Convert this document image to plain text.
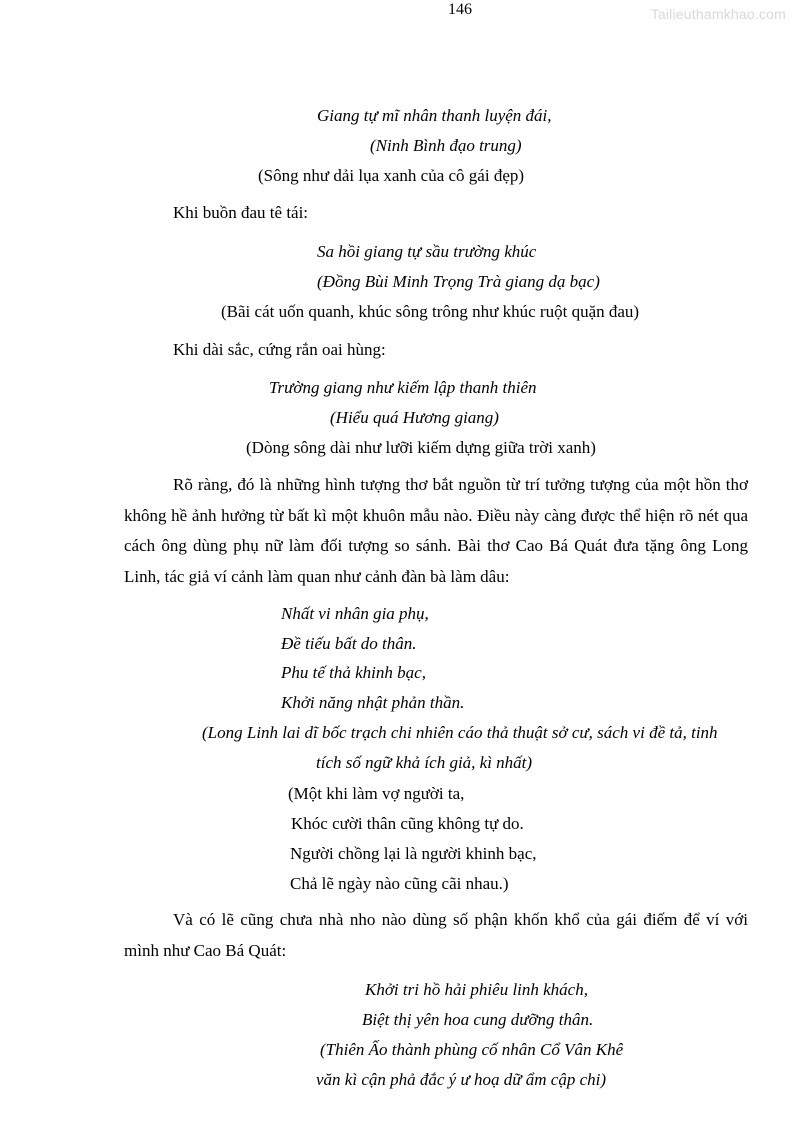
146	Tailieuthamkhao.com
Giang tự mĩ nhân thanh luyện đái,
(Ninh Bình đạo trung)
(Sông như dải lụa xanh của cô gái đẹp)
Khi buồn đau tê tái:
Sa hồi giang tự sầu trường khúc
(Đồng Bùi Minh Trọng Trà giang dạ bạc)
(Bãi cát uốn quanh, khúc sông trông như khúc ruột quặn đau)
Khi dài sắc, cứng rắn oai hùng:
Trường giang như kiếm lập thanh thiên
(Hiểu quá Hương giang)
(Dòng sông dài như lưỡi kiếm dựng giữa trời xanh)

Rõ ràng, đó là những hình tượng thơ bắt nguồn từ trí tưởng tượng của một hồn thơ không hề ảnh hưởng từ bất kì một khuôn mẫu nào. Điều này càng được thể hiện rõ nét qua cách ông dùng phụ nữ làm đối tượng so sánh. Bài thơ Cao Bá Quát đưa tặng ông Long Linh, tác giả ví cảnh làm quan như cảnh đàn bà làm dâu:

Nhất vi nhân gia phụ,
Đề tiếu bất do thân.
Phu tế thả khinh bạc,
Khởi năng nhật phản thần.
(Long Linh lai dĩ bốc trạch chi nhiên cáo thả thuật sở cư, sách vi đề tả, tinh
tích số ngữ khả ích giả, kì nhất)
(Một khi làm vợ người ta,
Khóc cười thân cũng không tự do.
Người chồng lại là người khinh bạc,
Chả lẽ ngày nào cũng cãi nhau.)

Và có lẽ cũng chưa nhà nho nào dùng số phận khốn khổ của gái điếm để ví với mình như Cao Bá Quát:

Khởi tri hồ hải phiêu linh khách,
Biệt thị yên hoa cung dưỡng thân.
(Thiên Ấo thành phùng cố nhân Cổ Vân Khê
văn kì cận phả đắc ý ư hoạ dữ ẩm cập chi)
